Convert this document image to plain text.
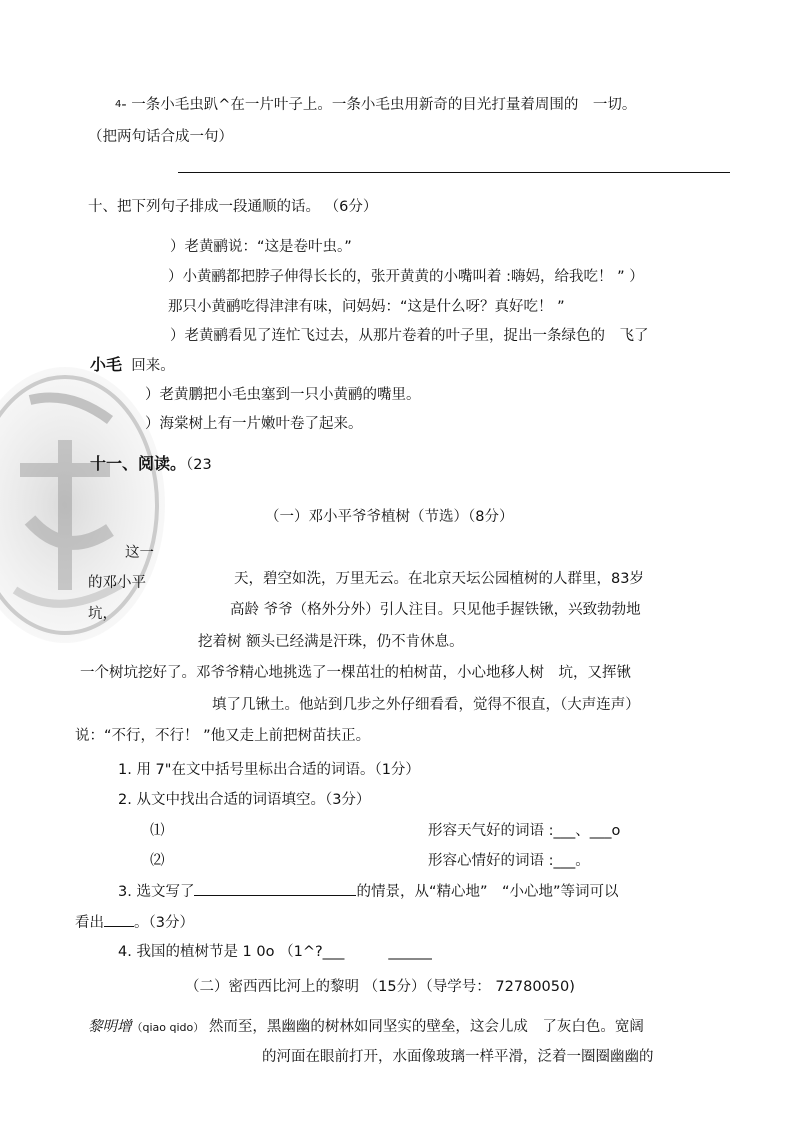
$^4$- 一条小毛虫趴^在一片叶子上。一条小毛虫用新奇的目光打量着周围的　一切。
（把两句话合成一句）
十、把下列句子排成一段通顺的话。 （6分）
）老黄鹂说：“这是卷叶虫。”
）小黄鹂都把脖子伸得长长的，张开黄黄的小嘴叫着 :嗨妈，给我吃！ ” ）
那只小黄鹂吃得津津有味，问妈妈：“这是什么呀？真好吃！ ”
）老黄鹂看见了连忙飞过去，从那片卷着的叶子里，捉出一条绿色的　飞了
小毛 回来。
）老黄鹏把小毛虫塞到一只小黄鹂的嘴里。
）海棠树上有一片嫩叶卷了起来。
十一、阅读。（23
（一）邓小平爷爷植树（节选）（8分）
这一
的邓小平
坑，
天，碧空如洗，万里无云。在北京天坛公园植树的人群里，83岁
高龄 爷爷（格外分外）引人注目。只见他手握铁锹，兴致勃勃地
挖着树 额头已经满是汗珠，仍不肯休息。
一个树坑挖好了。邓爷爷精心地挑选了一棵茁壮的柏树苗，小心地移人树　坑，又挥锹
填了几锹土。他站到几步之外仔细看看，觉得不很直，（大声连声）
说：“不行，不行！ ”他又走上前把树苗扶正。
1. 用 7"在文中括号里标出合适的词语。（1分）
2. 从文中找出合适的词语填空。（3分）
⑴	形容天气好的词语 :___、___o
⑵	形容心情好的词语 :___。
3. 选文写了	的情景，从“精心地”　“小心地”等词可以
看出 。（3分）
4. 我国的植树节是 1 0o （1^?___	______
（二）密西西比河上的黎明 （15分）（导学号： 72780050)
黎明增（qiao qido） 然而至，黑幽幽的树林如同坚实的壁垒，这会儿成　了灰白色。宽阔
的河面在眼前打开，水面像玻璃一样平滑，泛着一圈圈幽幽的
